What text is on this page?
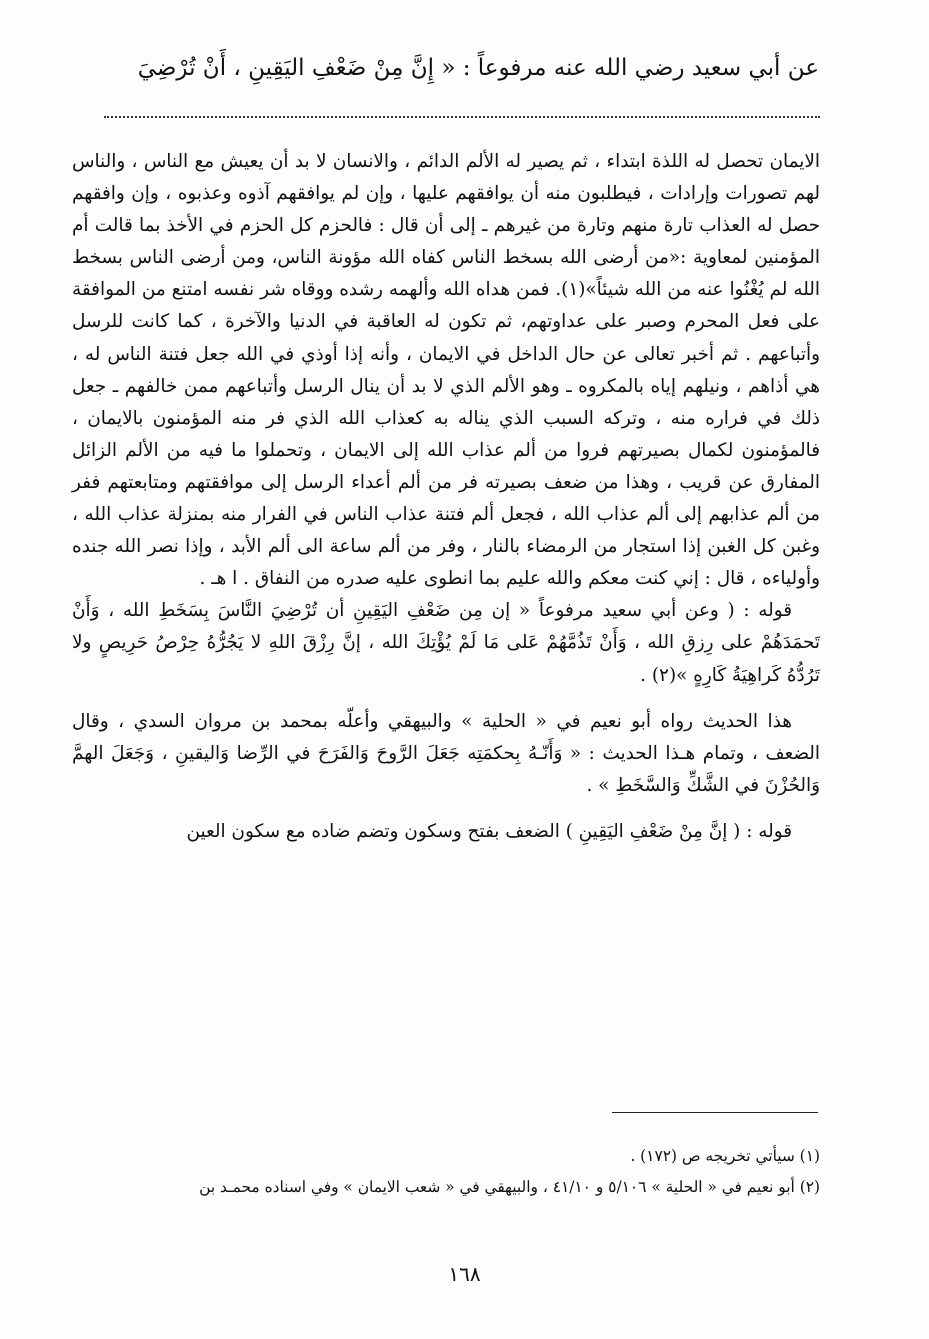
عن أبي سعيد رضي الله عنه مرفوعاً : « إِنَّ مِنْ ضَعْفِ اليَقِينِ ، أَنْ تُرْضِيَ

الايمان تحصل له اللذة ابتداء ، ثم يصير له الألم الدائم ، والانسان لا بد أن يعيش مع الناس ، والناس لهم تصورات وإرادات ، فيطلبون منه أن يوافقهم عليها ، وإن لم يوافقهم آذوه وعذبوه ، وإن وافقهم حصل له العذاب تارة منهم وتارة من غيرهم ـ إلى أن قال : فالحزم كل الحزم في الأخذ بما قالت أم المؤمنين لمعاوية :«من أرضى الله بسخط الناس كفاه الله مؤونة الناس، ومن أرضى الناس بسخط الله لم يُغْنُوا عنه من الله شيئاً»(١). فمن هداه الله وألهمه رشده ووقاه شر نفسه امتنع من الموافقة على فعل المحرم وصبر على عداوتهم، ثم تكون له العاقبة في الدنيا والآخرة ، كما كانت للرسل وأتباعهم . ثم أخبر تعالى عن حال الداخل في الايمان ، وأنه إذا أوذي في الله جعل فتنة الناس له ، هي أذاهم ، ونيلهم إياه بالمكروه ـ وهو الألم الذي لا بد أن ينال الرسل وأتباعهم ممن خالفهم ـ جعل ذلك في فراره منه ، وتركه السبب الذي يناله به كعذاب الله الذي فر منه المؤمنون بالايمان ، فالمؤمنون لكمال بصيرتهم فروا من ألم عذاب الله إلى الايمان ، وتحملوا ما فيه من الألم الزائل المفارق عن قريب ، وهذا من ضعف بصيرته فر من ألم أعداء الرسل إلى موافقتهم ومتابعتهم ففر من ألم عذابهم إلى ألم عذاب الله ، فجعل ألم فتنة عذاب الناس في الفرار منه بمنزلة عذاب الله ، وغبن كل الغبن إذا استجار من الرمضاء بالنار ، وفر من ألم ساعة الى ألم الأبد ، وإذا نصر الله جنده وأولياءه ، قال : إني كنت معكم والله عليم بما انطوى عليه صدره من النفاق . ا هـ .

قوله : ( وعن أبي سعيد مرفوعاً « إن مِن ضَعْفِ اليَقِينِ أن تُرْضِيَ النَّاسَ بِسَخَطِ الله ، وَأَنْ تَحمَدَهُمْ على رِزقِ الله ، وَأَنْ تَذُمَّهُمْ عَلى مَا لَمْ يُؤْتِكَ الله ، إنَّ رِزْقَ اللهِ لا يَجُرُّهُ حِرْصُ حَرِيصٍ ولا تَرُدُّهُ كَراهِيَةُ كَارِهٍ »(٢) .

هذا الحديث رواه أبو نعيم في « الحلية » والبيهقي وأعلّه بمحمد بن مروان السدي ، وقال الضعف ، وتمام هـذا الحديث : « وَأَنّـهُ بِحكمَتِه جَعَلَ الرَّوحَ وَالفَرَحَ في الرِّضا وَاليقينِ ، وَجَعَلَ الهمَّ وَالحُزْنَ في الشَّكِّ وَالسَّخَطِ » .

قوله : ( إنَّ مِنْ ضَعْفِ اليَقِينِ ) الضعف بفتح وسكون وتضم ضاده مع سكون العين

(١) سيأتي تخريجه ص (١٧٢) .

(٢) أبو نعيم في « الحلية » ٥/١٠٦ و ٤١/١٠ ، والبيهقي في « شعب الايمان » وفي اسناده محمـد بن

١٦٨
